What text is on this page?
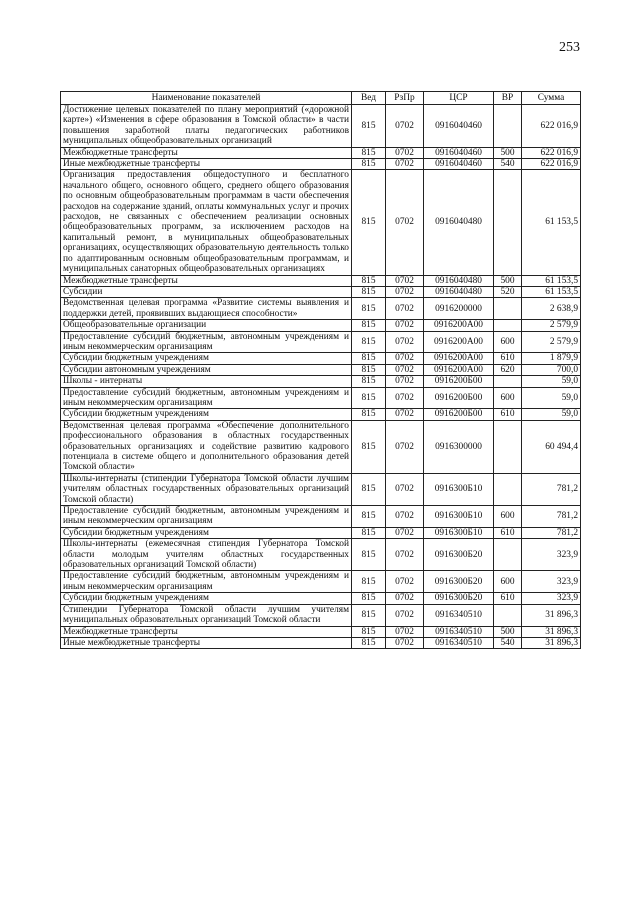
253
Наименование показателей	Вед	РзПр	ЦСР	ВР	Сумма
Достижение целевых показателей по плану мероприятий («дорожной карте») «Изменения в сфере образования в Томской области» в части повышения заработной платы педагогических работников муниципальных общеобразовательных организаций	815	0702	0916040460		622 016,9
Межбюджетные трансферты	815	0702	0916040460	500	622 016,9
Иные межбюджетные трансферты	815	0702	0916040460	540	622 016,9
Организация предоставления общедоступного и бесплатного начального общего, основного общего, среднего общего образования по основным общеобразовательным программам в части обеспечения расходов на содержание зданий, оплаты коммунальных услуг и прочих расходов, не связанных с обеспечением реализации основных общеобразовательных программ, за исключением расходов на капитальный ремонт, в муниципальных общеобразовательных организациях, осуществляющих образовательную деятельность только по адаптированным основным общеобразовательным программам, и муниципальных санаторных общеобразовательных организациях	815	0702	0916040480		61 153,5
Межбюджетные трансферты	815	0702	0916040480	500	61 153,5
Субсидии	815	0702	0916040480	520	61 153,5
Ведомственная целевая программа «Развитие системы выявления и поддержки детей, проявивших выдающиеся способности»	815	0702	0916200000		2 638,9
Общеобразовательные организации	815	0702	0916200А00		2 579,9
Предоставление субсидий бюджетным, автономным учреждениям и иным некоммерческим организациям	815	0702	0916200А00	600	2 579,9
Субсидии бюджетным учреждениям	815	0702	0916200А00	610	1 879,9
Субсидии автономным учреждениям	815	0702	0916200А00	620	700,0
Школы - интернаты	815	0702	0916200Б00		59,0
Предоставление субсидий бюджетным, автономным учреждениям и иным некоммерческим организациям	815	0702	0916200Б00	600	59,0
Субсидии бюджетным учреждениям	815	0702	0916200Б00	610	59,0
Ведомственная целевая программа «Обеспечение дополнительного профессионального образования в областных государственных образовательных организациях и содействие развитию кадрового потенциала в системе общего и дополнительного образования детей Томской области»	815	0702	0916300000		60 494,4
Школы-интернаты (стипендии Губернатора Томской области лучшим учителям областных государственных образовательных организаций Томской области)	815	0702	0916300Б10		781,2
Предоставление субсидий бюджетным, автономным учреждениям и иным некоммерческим организациям	815	0702	0916300Б10	600	781,2
Субсидии бюджетным учреждениям	815	0702	0916300Б10	610	781,2
Школы-интернаты (ежемесячная стипендия Губернатора Томской области молодым учителям областных государственных образовательных организаций Томской области)	815	0702	0916300Б20		323,9
Предоставление субсидий бюджетным, автономным учреждениям и иным некоммерческим организациям	815	0702	0916300Б20	600	323,9
Субсидии бюджетным учреждениям	815	0702	0916300Б20	610	323,9
Стипендии Губернатора Томской области лучшим учителям муниципальных образовательных организаций Томской области	815	0702	0916340510		31 896,3
Межбюджетные трансферты	815	0702	0916340510	500	31 896,3
Иные межбюджетные трансферты	815	0702	0916340510	540	31 896,3
